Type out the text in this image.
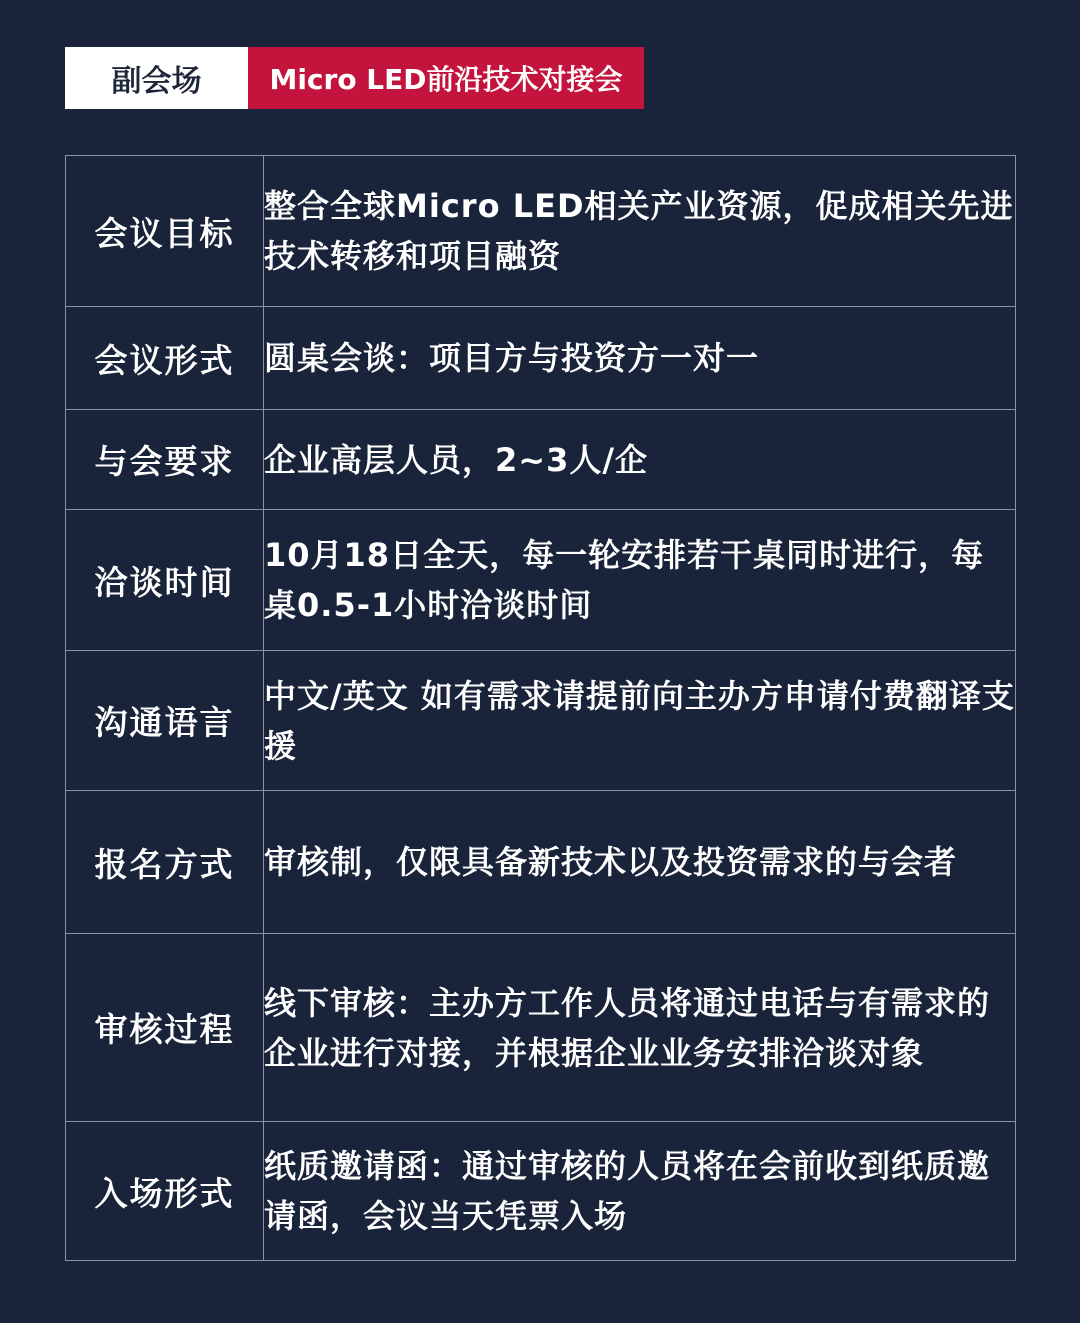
副会场	Micro LED前沿技术对接会
会议目标	整合全球Micro LED相关产业资源，促成相关先进技术转移和项目融资
会议形式	圆桌会谈：项目方与投资方一对一
与会要求	企业高层人员，2~3人/企
洽谈时间	10月18日全天，每一轮安排若干桌同时进行，每桌0.5-1小时洽谈时间
沟通语言	中文/英文 如有需求请提前向主办方申请付费翻译支援
报名方式	审核制，仅限具备新技术以及投资需求的与会者
审核过程	线下审核：主办方工作人员将通过电话与有需求的企业进行对接，并根据企业业务安排洽谈对象
入场形式	纸质邀请函：通过审核的人员将在会前收到纸质邀请函，会议当天凭票入场
